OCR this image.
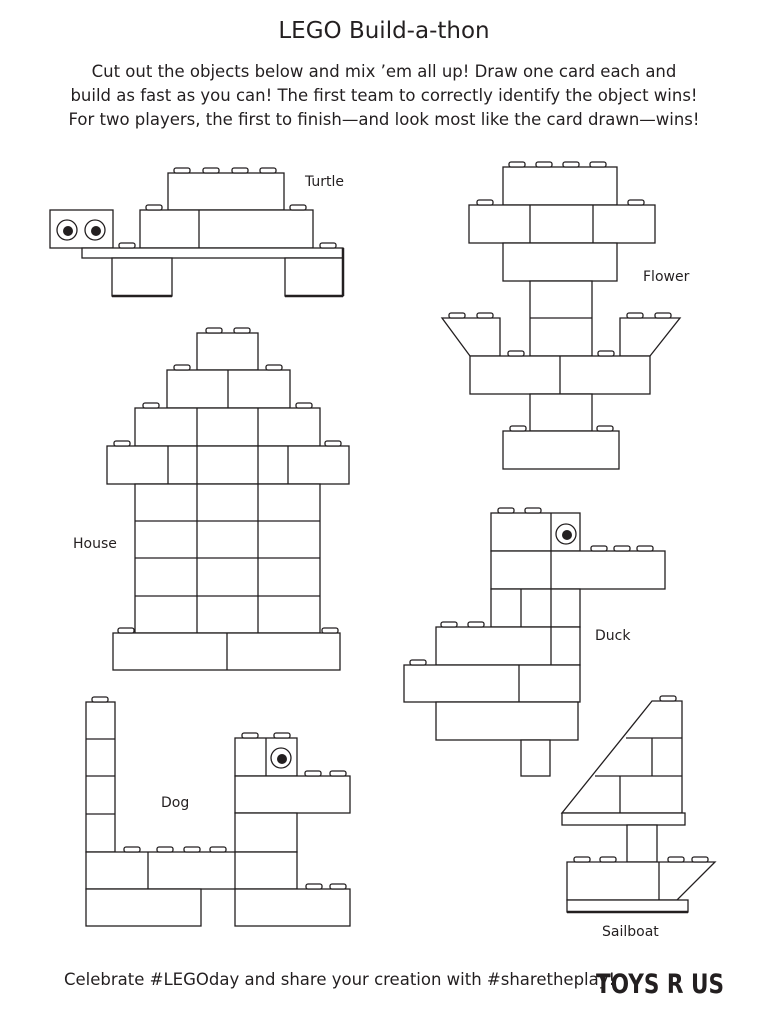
LEGO Build-a-thon
Cut out the objects below and mix ’em all up! Draw one card each and
build as fast as you can! The first team to correctly identify the object wins!
For two players, the first to finish—and look most like the card drawn—wins!
Turtle
Flower
House
Duck
Dog
Sailboat
Celebrate #LEGOday and share your creation with #sharetheplay!
TOYS R US
